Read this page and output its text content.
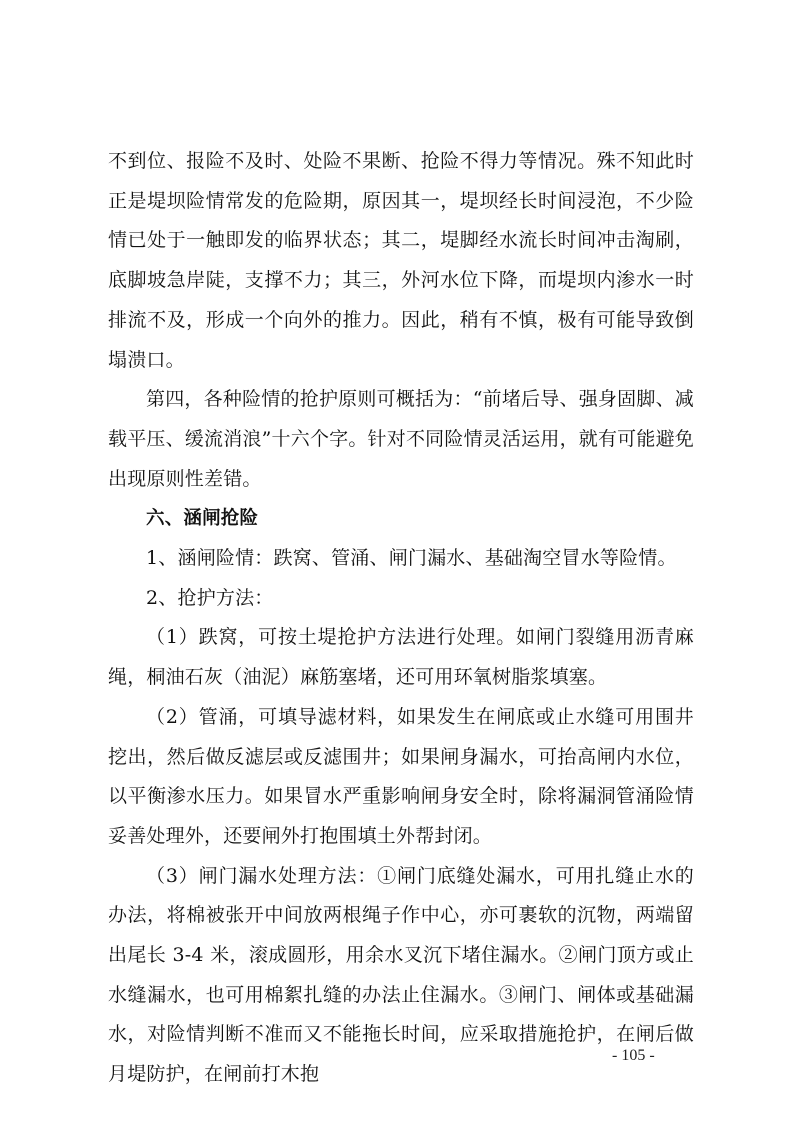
不到位、报险不及时、处险不果断、抢险不得力等情况。殊不知此时正是堤坝险情常发的危险期，原因其一，堤坝经长时间浸泡，不少险情已处于一触即发的临界状态；其二，堤脚经水流长时间冲击淘刷，底脚坡急岸陡，支撑不力；其三，外河水位下降，而堤坝内渗水一时排流不及，形成一个向外的推力。因此，稍有不慎，极有可能导致倒塌溃口。

第四，各种险情的抢护原则可概括为：“前堵后导、强身固脚、减载平压、缓流消浪”十六个字。针对不同险情灵活运用，就有可能避免出现原则性差错。

六、涵闸抢险

1、涵闸险情：跌窝、管涌、闸门漏水、基础淘空冒水等险情。

2、抢护方法：

（1）跌窝，可按土堤抢护方法进行处理。如闸门裂缝用沥青麻绳，桐油石灰（油泥）麻筋塞堵，还可用环氧树脂浆填塞。

（2）管涌，可填导滤材料，如果发生在闸底或止水缝可用围井挖出，然后做反滤层或反滤围井；如果闸身漏水，可抬高闸内水位，以平衡渗水压力。如果冒水严重影响闸身安全时，除将漏洞管涌险情妥善处理外，还要闸外打抱围填土外帮封闭。

（3）闸门漏水处理方法：①闸门底缝处漏水，可用扎缝止水的办法，将棉被张开中间放两根绳子作中心，亦可裹软的沉物，两端留出尾长 3-4 米，滚成圆形，用余水叉沉下堵住漏水。②闸门顶方或止水缝漏水，也可用棉絮扎缝的办法止住漏水。③闸门、闸体或基础漏水，对险情判断不准而又不能拖长时间，应采取措施抢护，在闸后做月堤防护，在闸前打木抱

- 105 -
